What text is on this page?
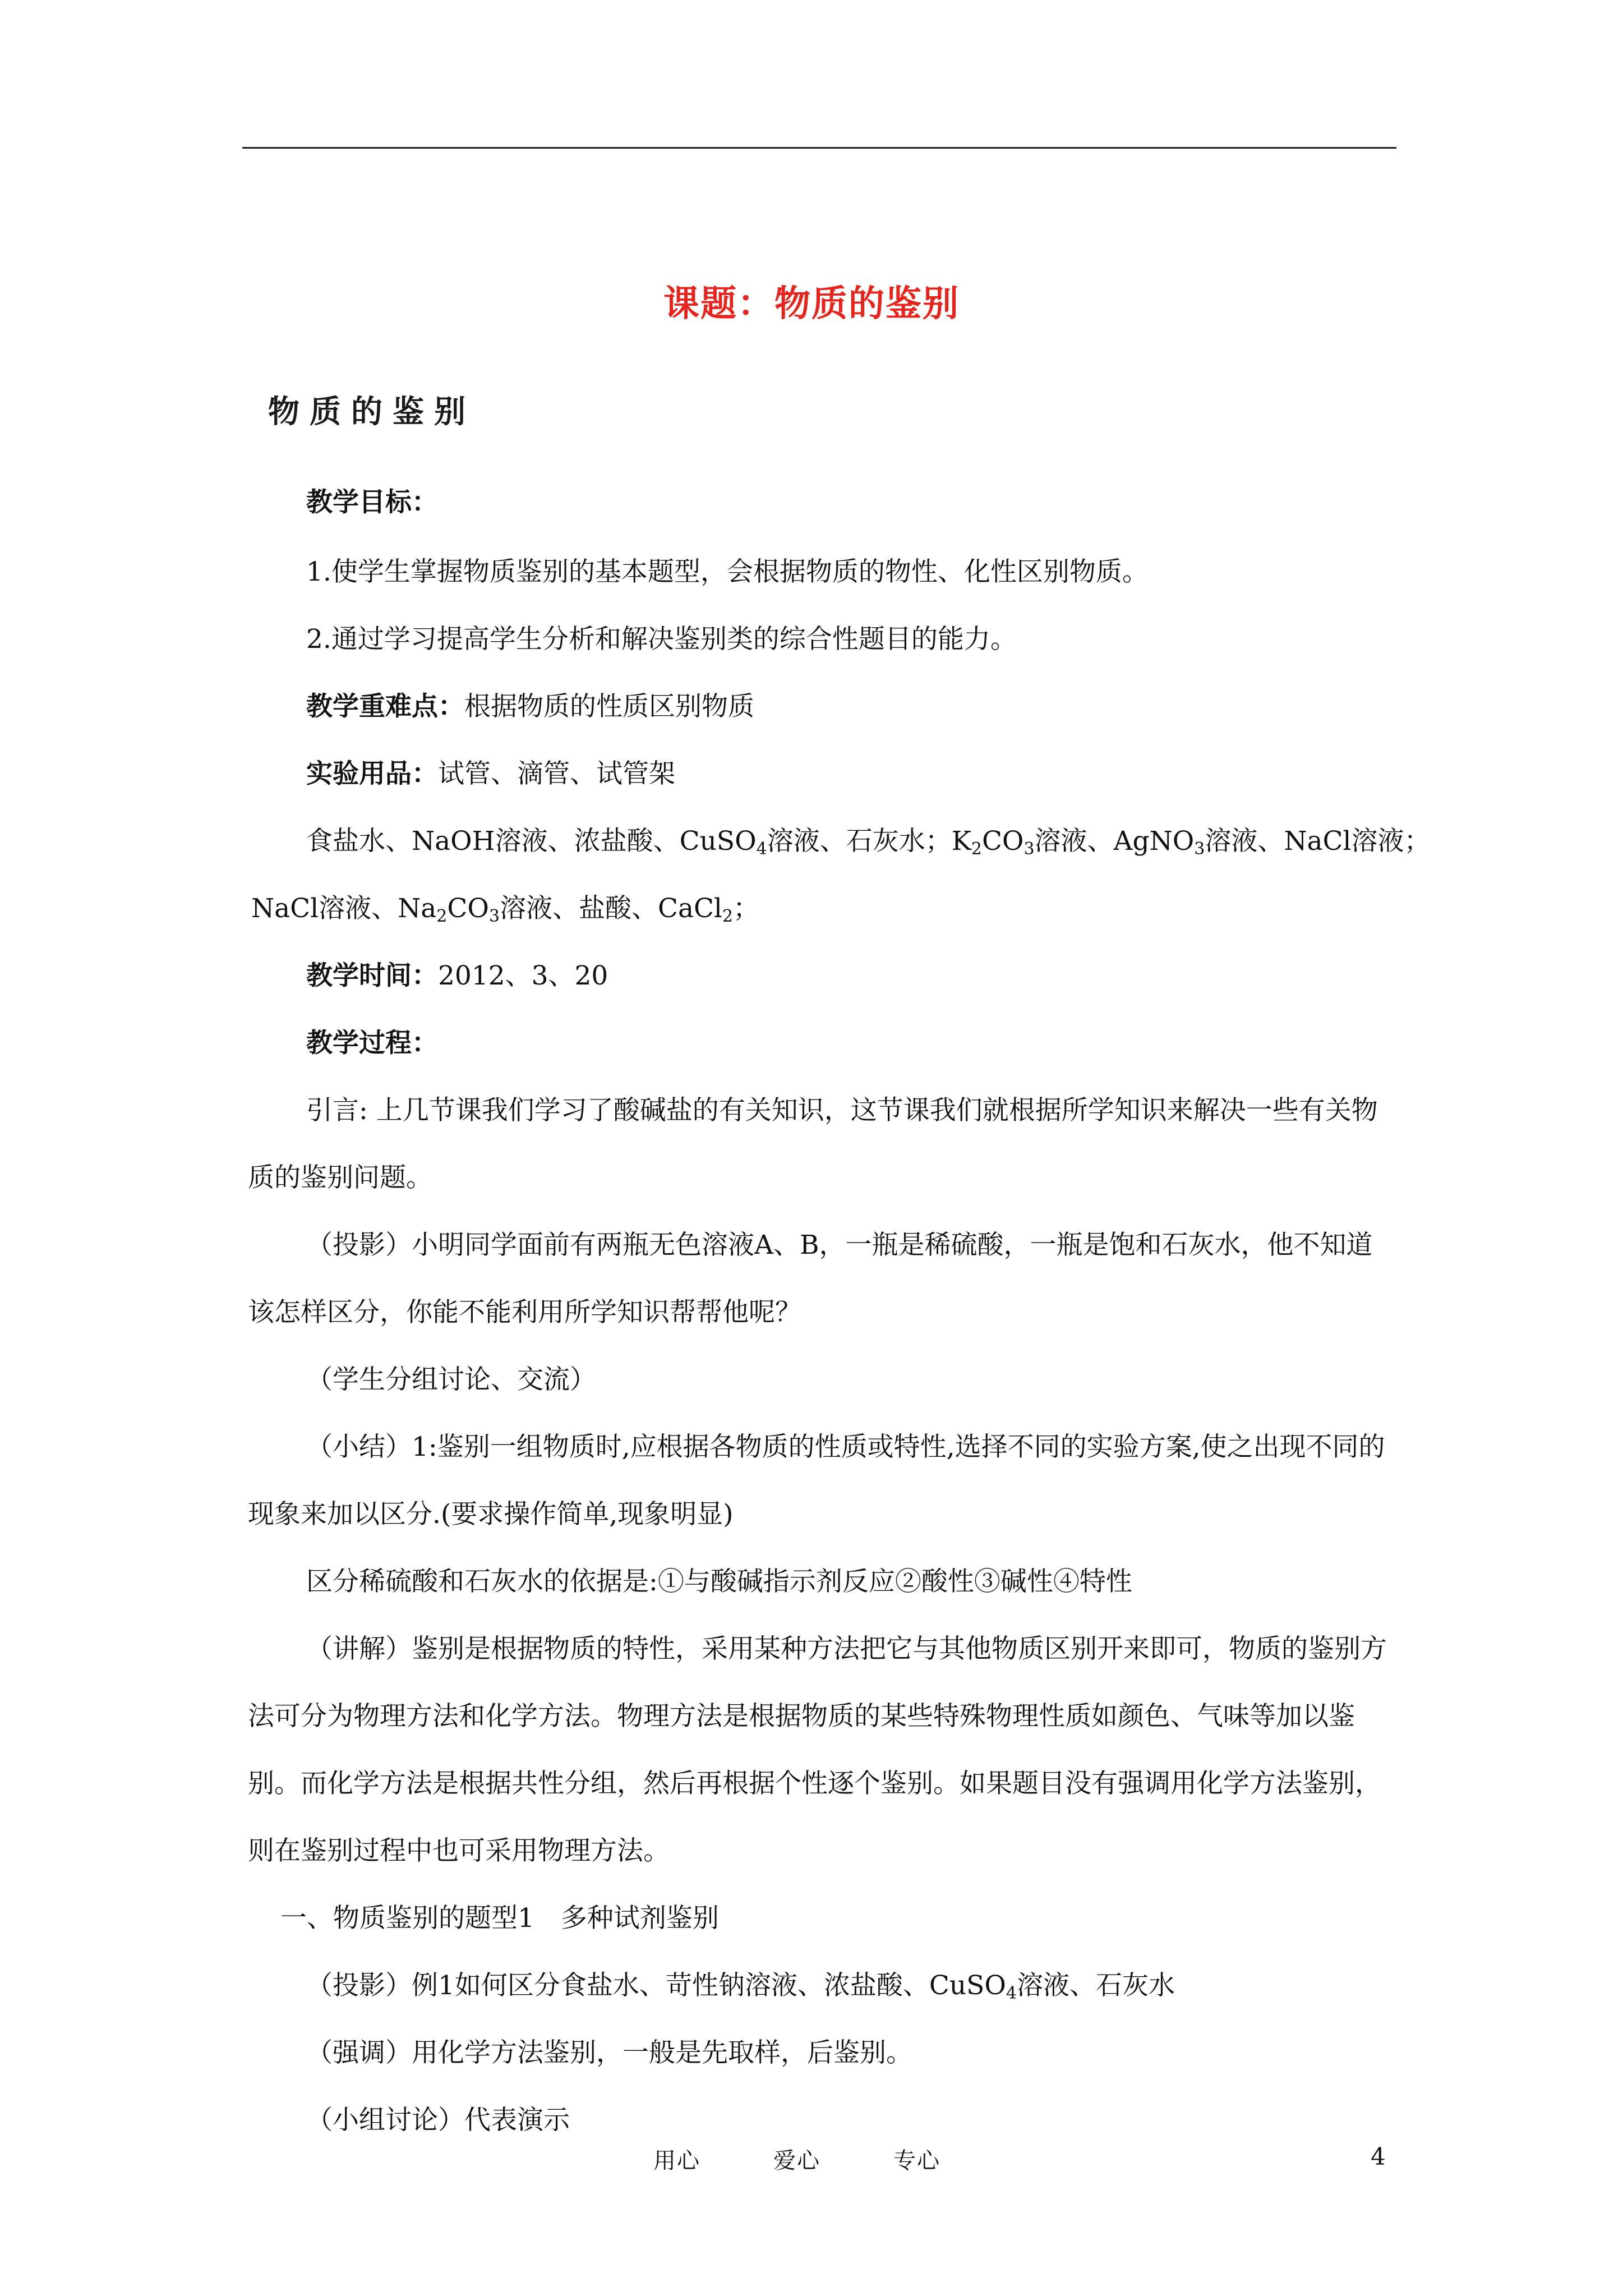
课题：物质的鉴别
物质的鉴别
教学目标：
1.使学生掌握物质鉴别的基本题型，会根据物质的物性、化性区别物质。
2.通过学习提高学生分析和解决鉴别类的综合性题目的能力。
教学重难点：根据物质的性质区别物质
实验用品：试管、滴管、试管架
食盐水、NaOH溶液、浓盐酸、CuSO$_4$溶液、石灰水；$K_2CO_3$溶液、AgNO$_3$溶液、NaCl溶液；
NaCl溶液、$Na_2CO_3$溶液、盐酸、CaCl$_2$；
教学时间：2012、3、20
教学过程：
引言: 上几节课我们学习了酸碱盐的有关知识，这节课我们就根据所学知识来解决一些有关物质的鉴别问题。
（投影）小明同学面前有两瓶无色溶液A、B，一瓶是稀硫酸，一瓶是饱和石灰水，他不知道该怎样区分，你能不能利用所学知识帮帮他呢？
（学生分组讨论、交流）
（小结）1:鉴别一组物质时,应根据各物质的性质或特性,选择不同的实验方案,使之出现不同的现象来加以区分.(要求操作简单,现象明显)
区分稀硫酸和石灰水的依据是:①与酸碱指示剂反应②酸性③碱性④特性
（讲解）鉴别是根据物质的特性，采用某种方法把它与其他物质区别开来即可，物质的鉴别方法可分为物理方法和化学方法。物理方法是根据物质的某些特殊物理性质如颜色、气味等加以鉴别。而化学方法是根据共性分组，然后再根据个性逐个鉴别。如果题目没有强调用化学方法鉴别，则在鉴别过程中也可采用物理方法。
一、物质鉴别的题型1　多种试剂鉴别
（投影）例1如何区分食盐水、苛性钠溶液、浓盐酸、CuSO$_4$溶液、石灰水
（强调）用化学方法鉴别，一般是先取样，后鉴别。
（小组讨论）代表演示
用心	爱心	专心	4
